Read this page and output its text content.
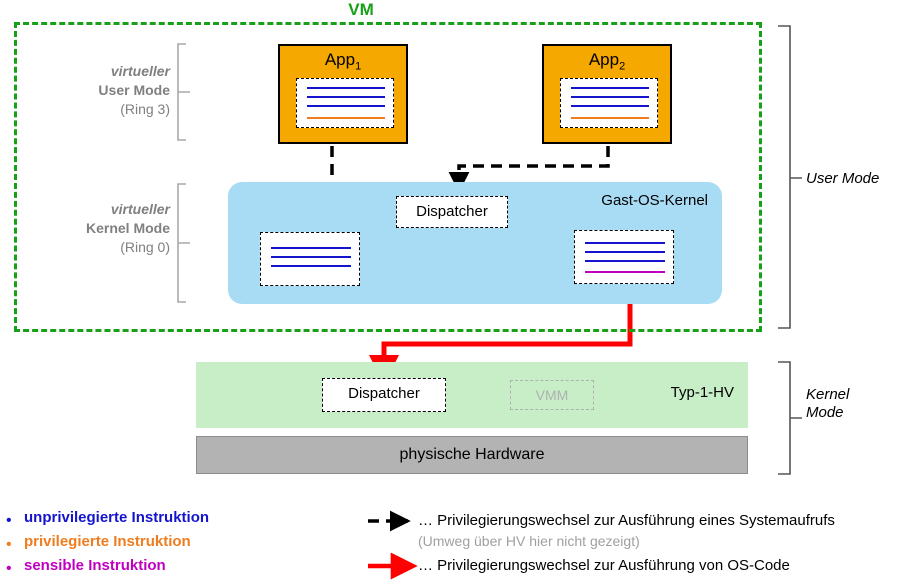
VM
App$_1$	App$_2$
virtueller
User Mode
(Ring 3)
virtueller
Kernel Mode
(Ring 0)
Gast-OS-Kernel
Dispatcher
Typ-1-HV
Dispatcher	VMM
physische Hardware
User Mode
Kernel
Mode
• unprivilegierte Instruktion
• privilegierte Instruktion
• sensible Instruktion
… Privilegierungswechsel zur Ausführung eines Systemaufrufs
(Umweg über HV hier nicht gezeigt)
… Privilegierungswechsel zur Ausführung von OS-Code
